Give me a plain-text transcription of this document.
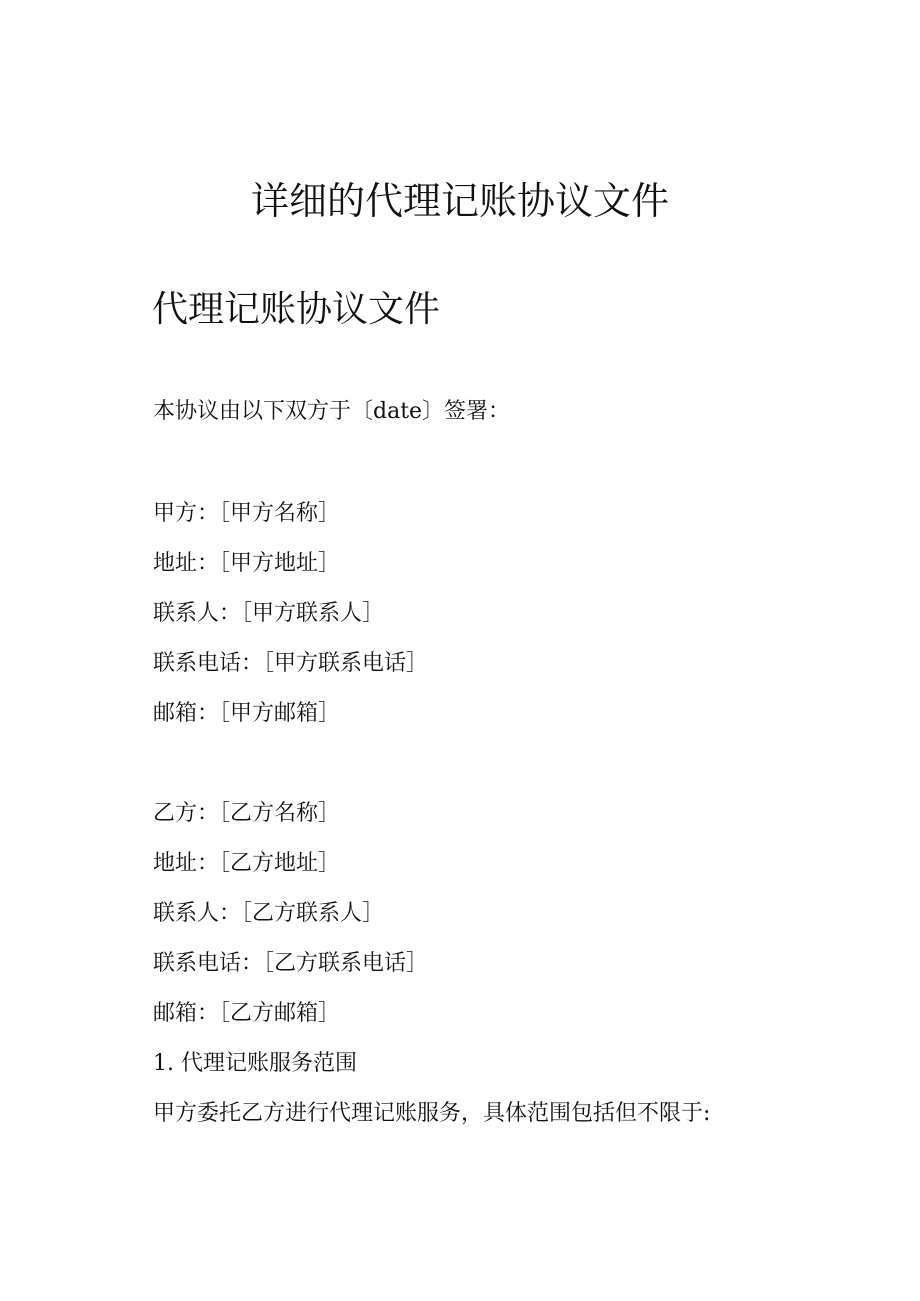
详细的代理记账协议文件
代理记账协议文件

本协议由以下双方于〔date〕签署：

甲方：［甲方名称］

地址：［甲方地址］

联系人：［甲方联系人］

联系电话：［甲方联系电话］

邮箱：［甲方邮箱］

乙方：［乙方名称］

地址：［乙方地址］

联系人：［乙方联系人］

联系电话：［乙方联系电话］

邮箱：［乙方邮箱］

1. 代理记账服务范围

甲方委托乙方进行代理记账服务，具体范围包括但不限于:
